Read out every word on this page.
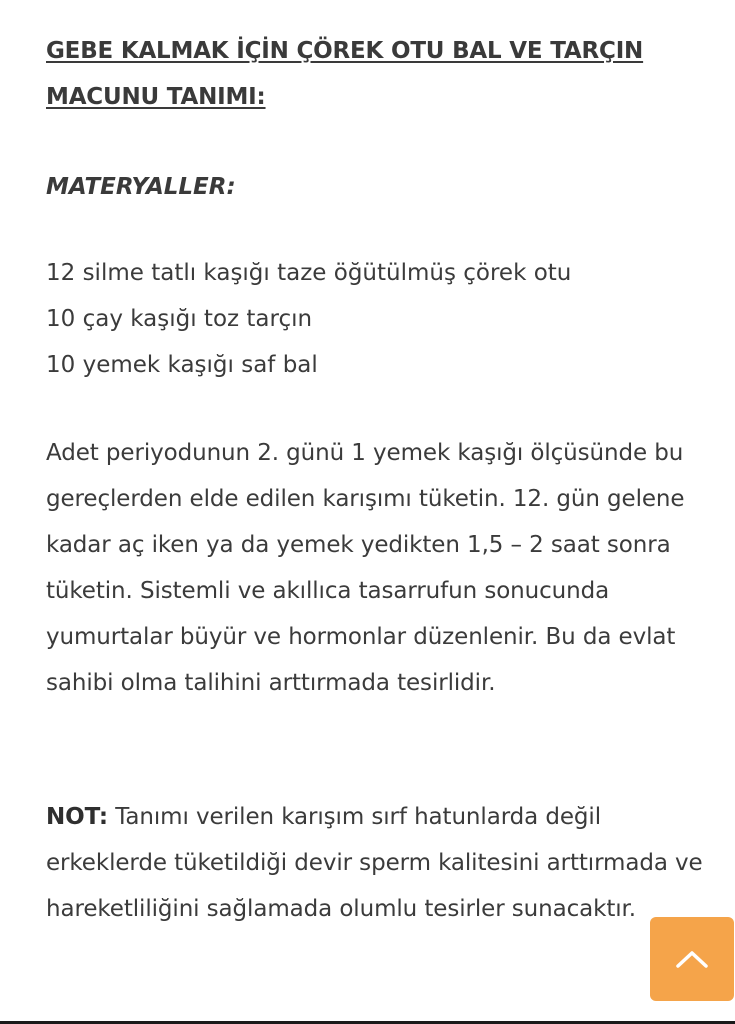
GEBE KALMAK İÇİN ÇÖREK OTU BAL VE TARÇIN MACUNU TANIMI:
MATERYALLER:
12 silme tatlı kaşığı taze öğütülmüş çörek otu
10 çay kaşığı toz tarçın
10 yemek kaşığı saf bal

Adet periyodunun 2. günü 1 yemek kaşığı ölçüsünde bu gereçlerden elde edilen karışımı tüketin. 12. gün gelene kadar aç iken ya da yemek yedikten 1,5 – 2 saat sonra tüketin. Sistemli ve akıllıca tasarrufun sonucunda yumurtalar büyür ve hormonlar düzenlenir. Bu da evlat sahibi olma talihini arttırmada tesirlidir.

NOT: Tanımı verilen karışım sırf hatunlarda değil erkeklerde tüketildiği devir sperm kalitesini arttırmada ve hareketliliğini sağlamada olumlu tesirler sunacaktır.
